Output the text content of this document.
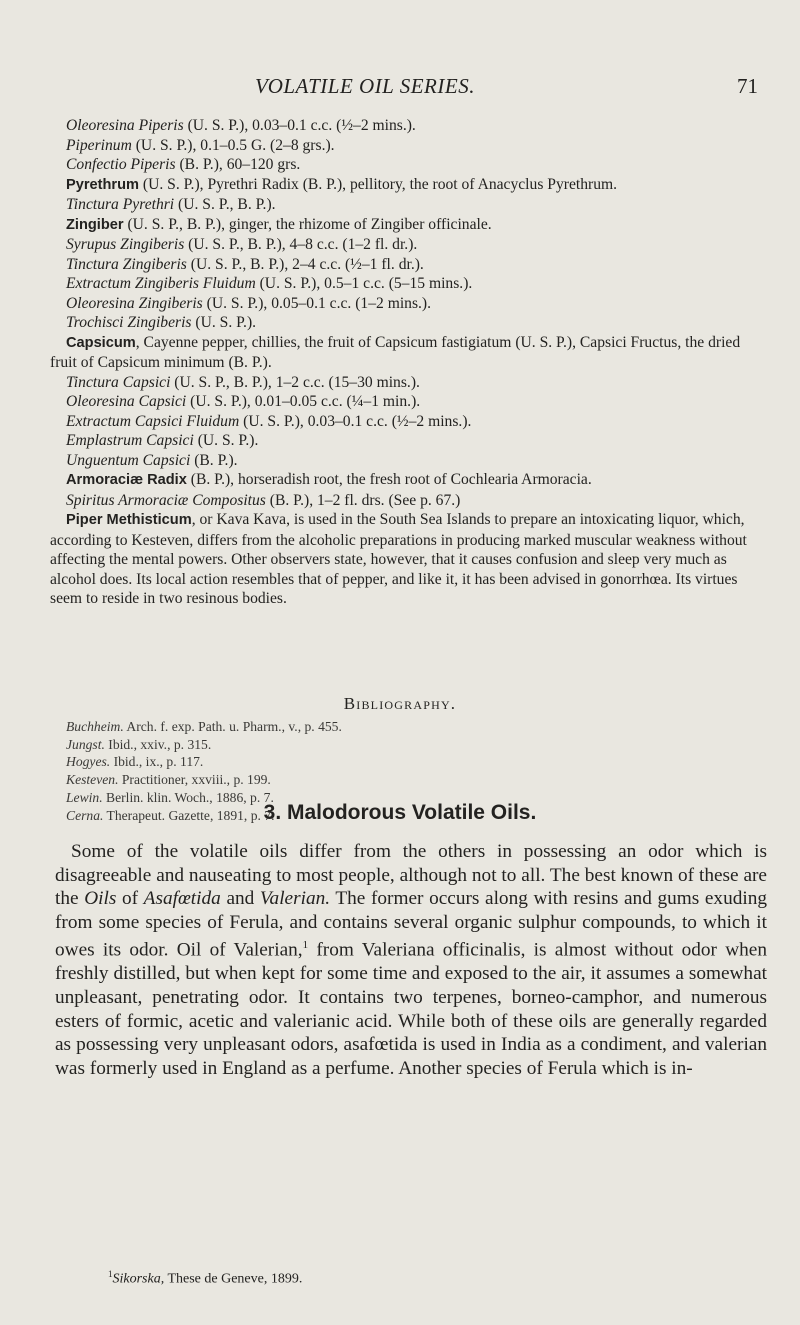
VOLATILE OIL SERIES.	71

Oleoresina Piperis (U. S. P.), 0.03–0.1 c.c. (½–2 mins.).

Piperinum (U. S. P.), 0.1–0.5 G. (2–8 grs.).

Confectio Piperis (B. P.), 60–120 grs.

Pyrethrum (U. S. P.), Pyrethri Radix (B. P.), pellitory, the root of Anacyclus Pyrethrum.

Tinctura Pyrethri (U. S. P., B. P.).

Zingiber (U. S. P., B. P.), ginger, the rhizome of Zingiber officinale.

Syrupus Zingiberis (U. S. P., B. P.), 4–8 c.c. (1–2 fl. dr.).

Tinctura Zingiberis (U. S. P., B. P.), 2–4 c.c. (½–1 fl. dr.).

Extractum Zingiberis Fluidum (U. S. P.), 0.5–1 c.c. (5–15 mins.).

Oleoresina Zingiberis (U. S. P.), 0.05–0.1 c.c. (1–2 mins.).

Trochisci Zingiberis (U. S. P.).

Capsicum, Cayenne pepper, chillies, the fruit of Capsicum fastigiatum (U. S. P.), Capsici Fructus, the dried fruit of Capsicum minimum (B. P.).

Tinctura Capsici (U. S. P., B. P.), 1–2 c.c. (15–30 mins.).

Oleoresina Capsici (U. S. P.), 0.01–0.05 c.c. (¼–1 min.).

Extractum Capsici Fluidum (U. S. P.), 0.03–0.1 c.c. (½–2 mins.).

Emplastrum Capsici (U. S. P.).

Unguentum Capsici (B. P.).

Armoraciæ Radix (B. P.), horseradish root, the fresh root of Cochlearia Armoracia.

Spiritus Armoraciæ Compositus (B. P.), 1–2 fl. drs. (See p. 67.)

Piper Methisticum, or Kava Kava, is used in the South Sea Islands to prepare an intoxicating liquor, which, according to Kesteven, differs from the alcoholic preparations in producing marked muscular weakness without affecting the mental powers. Other observers state, however, that it causes confusion and sleep very much as alcohol does. Its local action resembles that of pepper, and like it, it has been advised in gonorrhœa. Its virtues seem to reside in two resinous bodies.

Bibliography.

Buchheim. Arch. f. exp. Path. u. Pharm., v., p. 455.

Jungst. Ibid., xxiv., p. 315.

Hogyes. Ibid., ix., p. 117.

Kesteven. Practitioner, xxviii., p. 199.

Lewin. Berlin. klin. Woch., 1886, p. 7.

Cerna. Therapeut. Gazette, 1891, p. 7.

3. Malodorous Volatile Oils.

Some of the volatile oils differ from the others in possessing an odor which is disagreeable and nauseating to most people, although not to all. The best known of these are the Oils of Asafœtida and Valerian. The former occurs along with resins and gums exuding from some species of Ferula, and contains several organic sulphur compounds, to which it owes its odor. Oil of Valerian,$^1$ from Valeriana officinalis, is almost without odor when freshly distilled, but when kept for some time and exposed to the air, it assumes a somewhat unpleasant, penetrating odor. It contains two terpenes, borneo-camphor, and numerous esters of formic, acetic and valerianic acid. While both of these oils are generally regarded as possessing very unpleasant odors, asafœtida is used in India as a condiment, and valerian was formerly used in England as a perfume. Another species of Ferula which is in-

$^1$Sikorska, These de Geneve, 1899.
